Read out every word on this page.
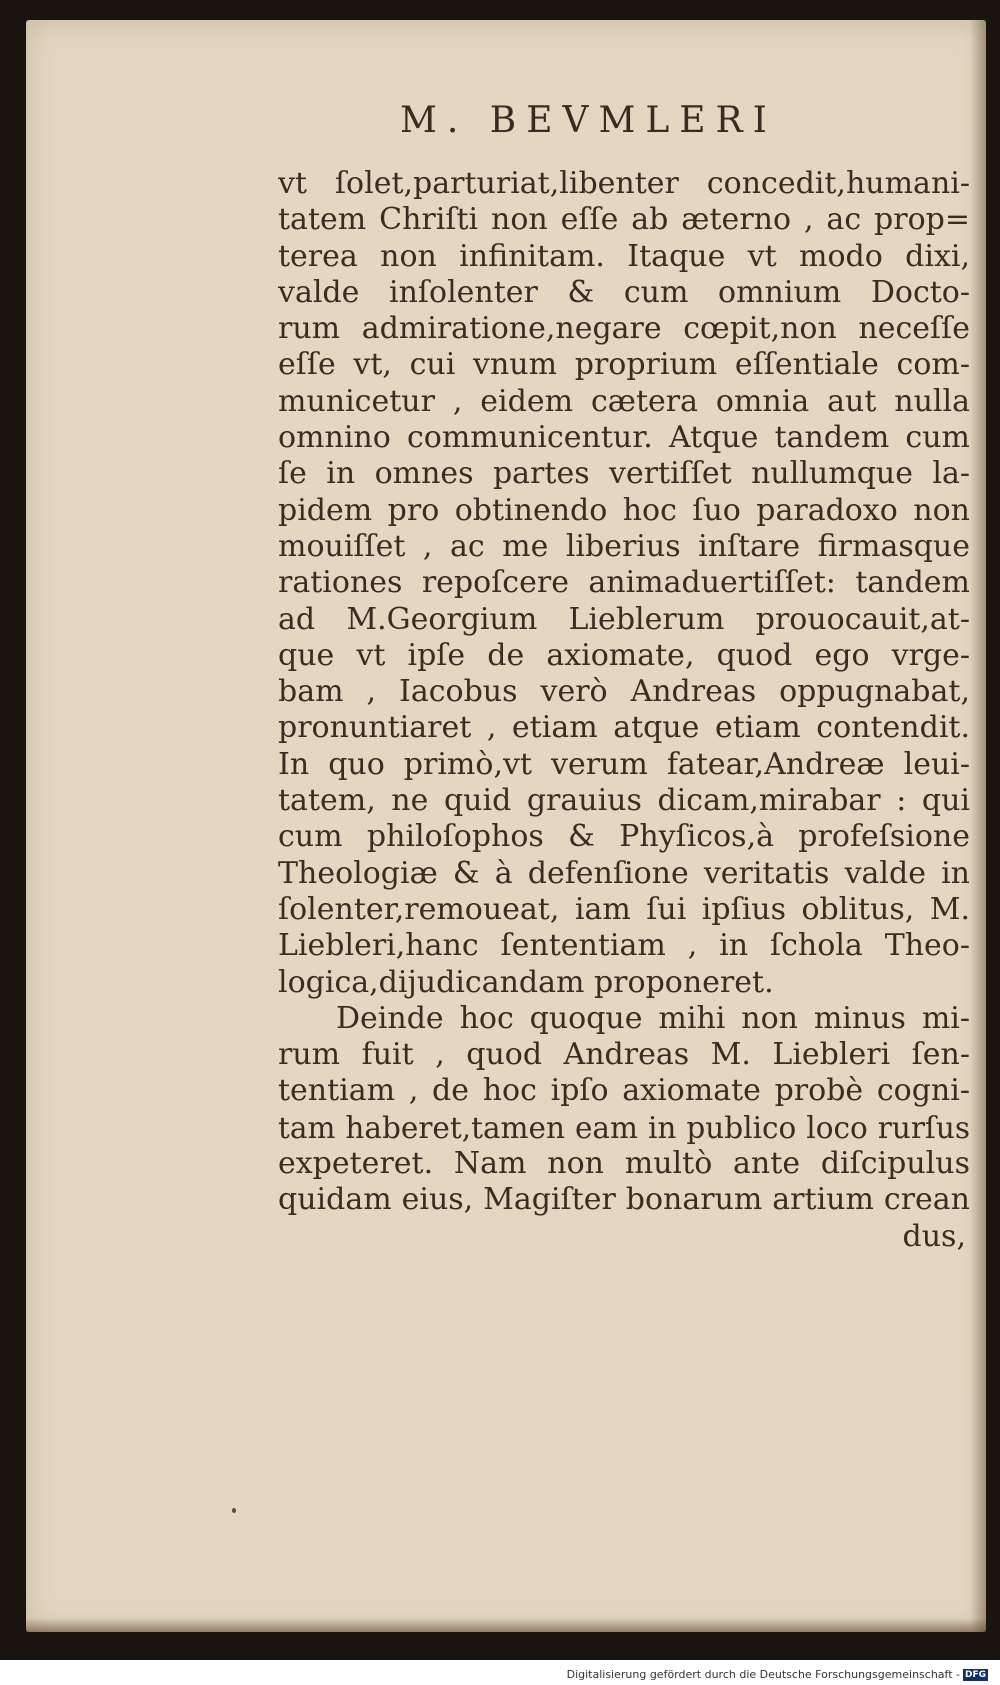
M. BEVMLERI
vt ſolet,parturiat,libenter concedit,humani-
tatem Chriſti non eſſe ab æterno , ac prop=
terea non infinitam. Itaque vt modo dixi,
valde inſolenter & cum omnium Docto-
rum admiratione,negare cœpit,non neceſſe
eſſe vt, cui vnum proprium eſſentiale com-
municetur , eidem cætera omnia aut nulla
omnino communicentur. Atque tandem cum
ſe in omnes partes vertiſſet nullumque la-
pidem pro obtinendo hoc ſuo paradoxo non
mouiſſet , ac me liberius inſtare firmasque
rationes repoſcere animaduertiſſet: tandem
ad M.Georgium Lieblerum prouocauit,at-
que vt ipſe de axiomate, quod ego vrge-
bam , Iacobus verò Andreas oppugnabat,
pronuntiaret , etiam atque etiam contendit.
In quo primò,vt verum fatear,Andreæ leui-
tatem, ne quid grauius dicam,mirabar : qui
cum philoſophos & Phyſicos,à profeſsione
Theologiæ & à defenſione veritatis valde in
ſolenter,remoueat, iam ſui ipſius oblitus, M.
Liebleri,hanc ſententiam , in ſchola Theo-
logica,dijudicandam proponeret.
Deinde hoc quoque mihi non minus mi-
rum fuit , quod Andreas M. Liebleri ſen-
tentiam , de hoc ipſo axiomate probè cogni-
tam haberet,tamen eam in publico loco rurſus
expeteret. Nam non multò ante diſcipulus
quidam eius, Magiſter bonarum artium crean
dus,
Digitalisierung gefördert durch die Deutsche Forschungsgemeinschaft - DFG
